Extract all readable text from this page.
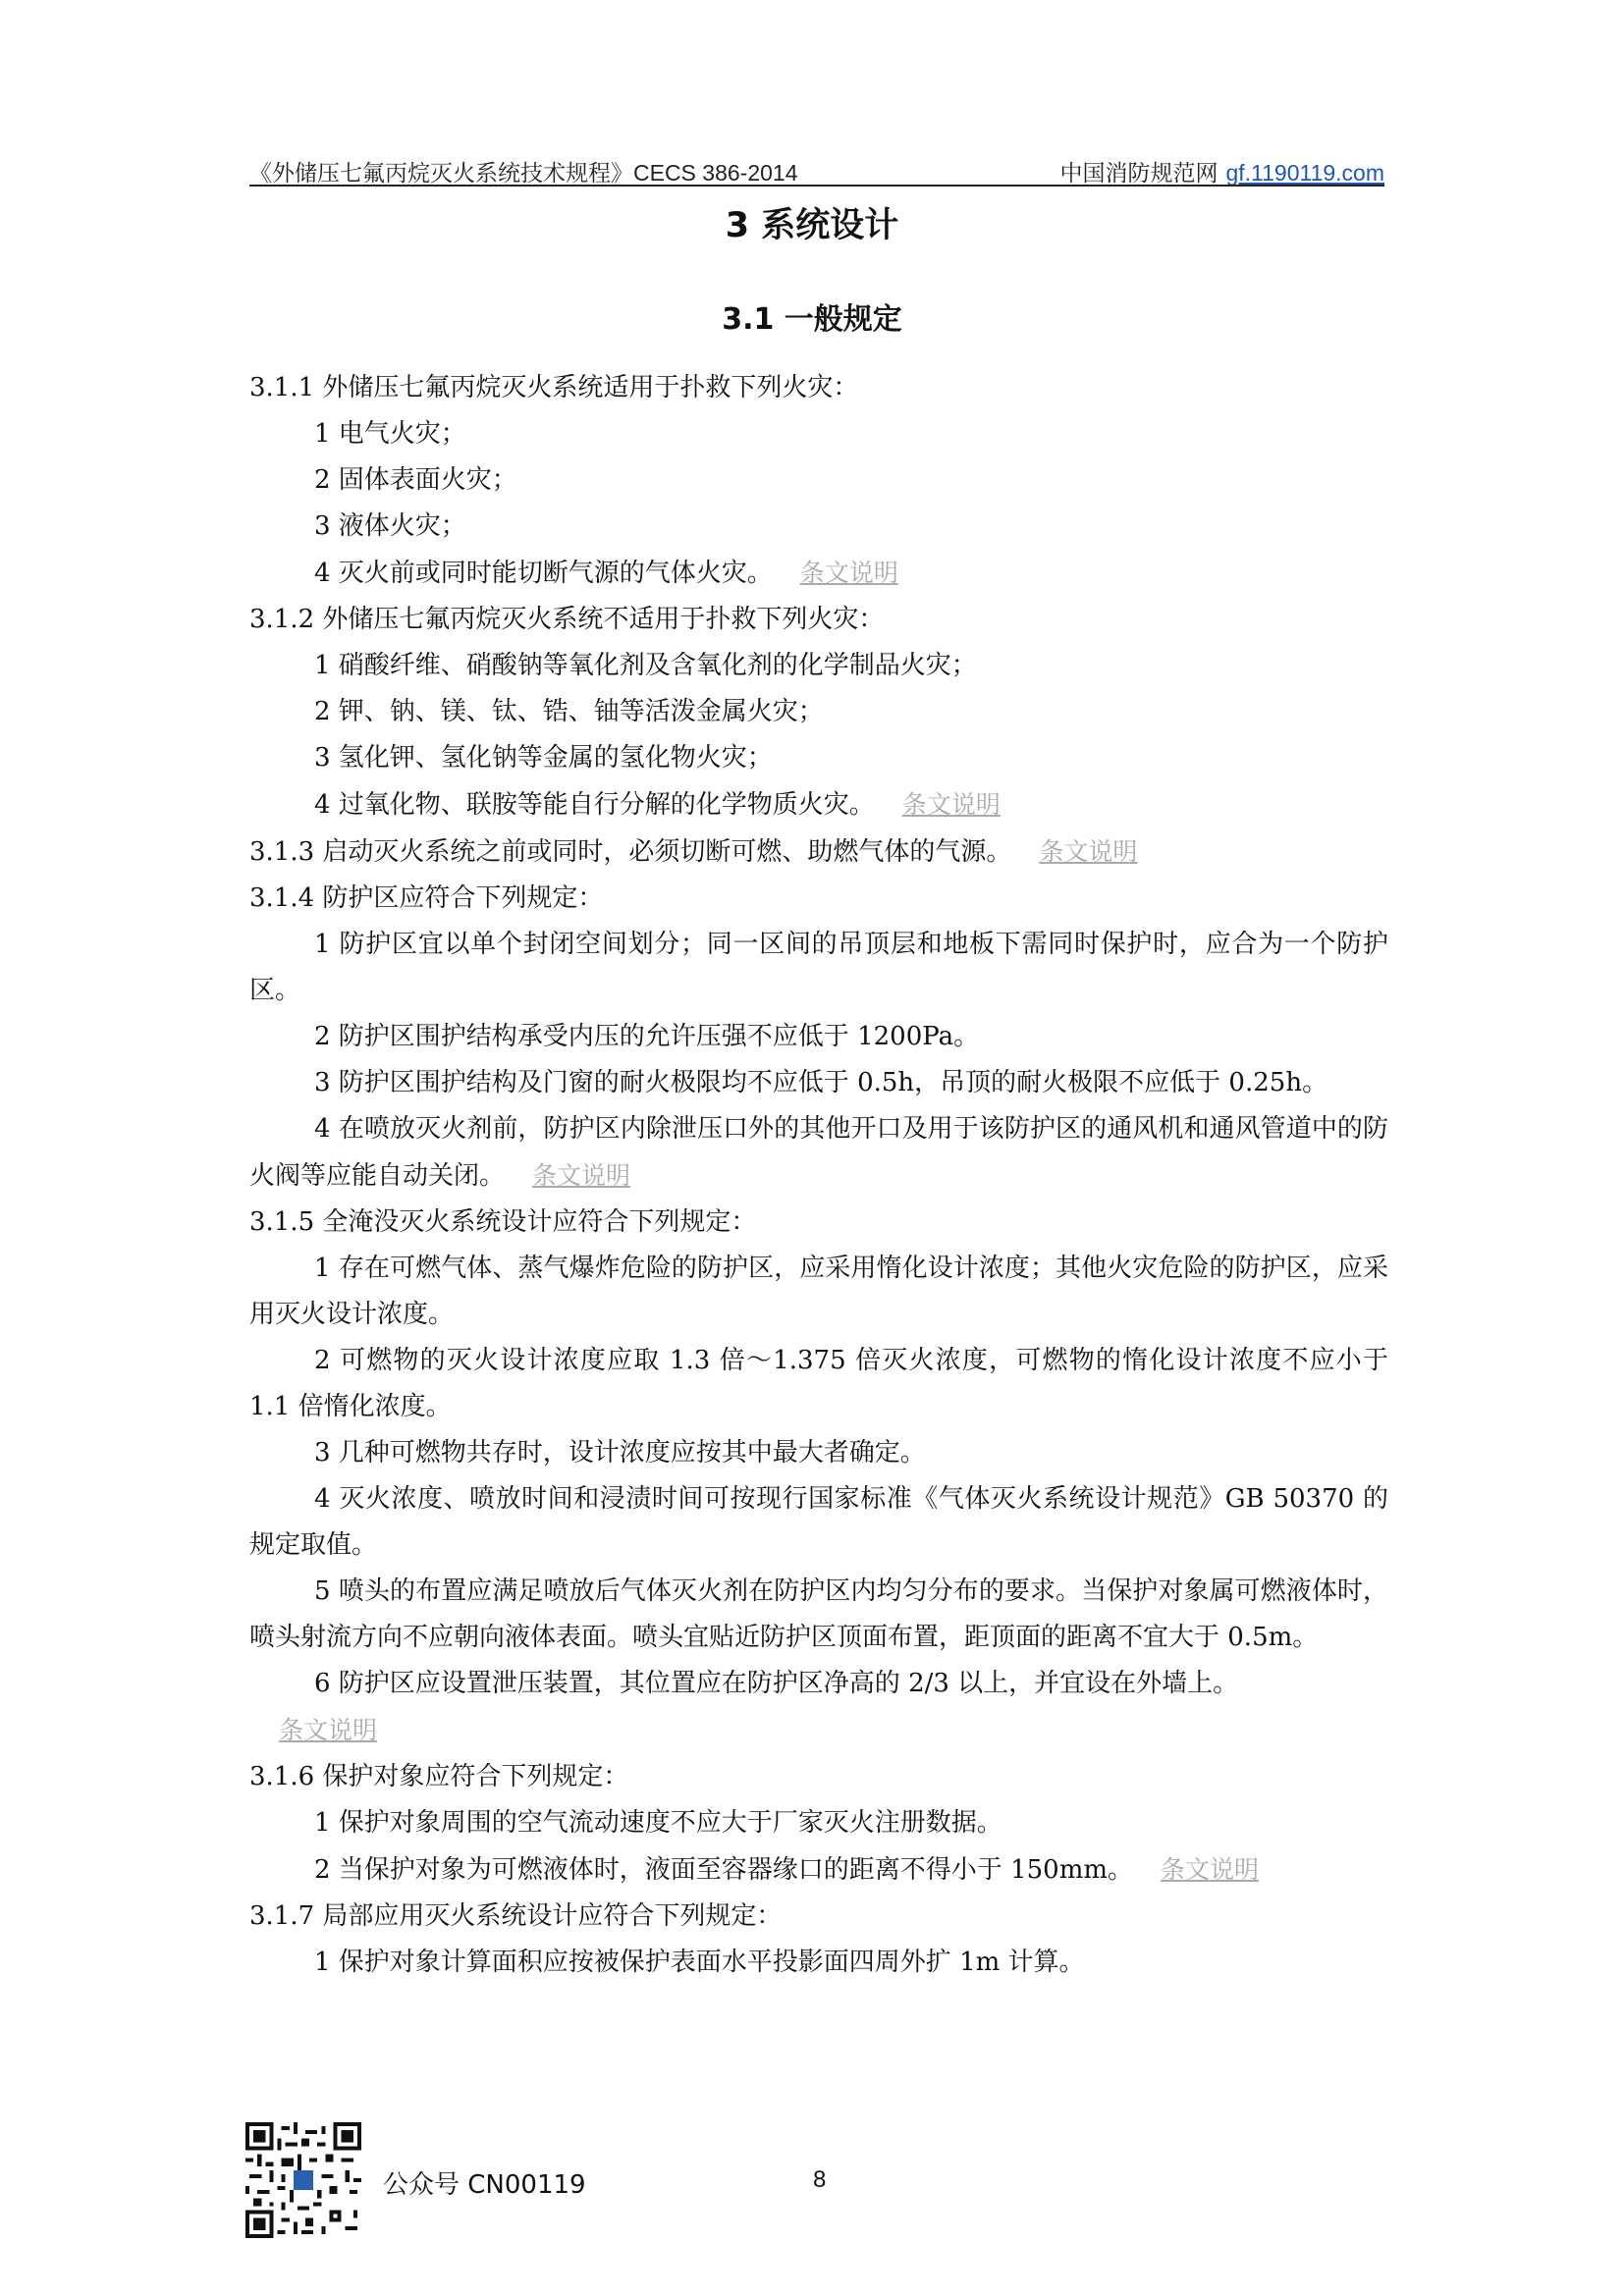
《外储压七氟丙烷灭火系统技术规程》CECS 386-2014	中国消防规范网 gf.1190119.com
3 系统设计
3.1 一般规定

3.1.1 外储压七氟丙烷灭火系统适用于扑救下列火灾：

1 电气火灾；

2 固体表面火灾；

3 液体火灾；

4 灭火前或同时能切断气源的气体火灾。 条文说明

3.1.2 外储压七氟丙烷灭火系统不适用于扑救下列火灾：

1 硝酸纤维、硝酸钠等氧化剂及含氧化剂的化学制品火灾；

2 钾、钠、镁、钛、锆、铀等活泼金属火灾；

3 氢化钾、氢化钠等金属的氢化物火灾；

4 过氧化物、联胺等能自行分解的化学物质火灾。 条文说明

3.1.3 启动灭火系统之前或同时，必须切断可燃、助燃气体的气源。 条文说明

3.1.4 防护区应符合下列规定：

1 防护区宜以单个封闭空间划分；同一区间的吊顶层和地板下需同时保护时，应合为一个防护区。

2 防护区围护结构承受内压的允许压强不应低于 1200Pa。

3 防护区围护结构及门窗的耐火极限均不应低于 0.5h，吊顶的耐火极限不应低于 0.25h。

4 在喷放灭火剂前，防护区内除泄压口外的其他开口及用于该防护区的通风机和通风管道中的防火阀等应能自动关闭。 条文说明

3.1.5 全淹没灭火系统设计应符合下列规定：

1 存在可燃气体、蒸气爆炸危险的防护区，应采用惰化设计浓度；其他火灾危险的防护区，应采用灭火设计浓度。

2 可燃物的灭火设计浓度应取 1.3 倍～1.375 倍灭火浓度，可燃物的惰化设计浓度不应小于 1.1 倍惰化浓度。

3 几种可燃物共存时，设计浓度应按其中最大者确定。

4 灭火浓度、喷放时间和浸渍时间可按现行国家标准《气体灭火系统设计规范》GB 50370 的规定取值。

5 喷头的布置应满足喷放后气体灭火剂在防护区内均匀分布的要求。当保护对象属可燃液体时，喷头射流方向不应朝向液体表面。喷头宜贴近防护区顶面布置，距顶面的距离不宜大于 0.5m。

6 防护区应设置泄压装置，其位置应在防护区净高的 2/3 以上，并宜设在外墙上。

条文说明

3.1.6 保护对象应符合下列规定：

1 保护对象周围的空气流动速度不应大于厂家灭火注册数据。

2 当保护对象为可燃液体时，液面至容器缘口的距离不得小于 150mm。 条文说明

3.1.7 局部应用灭火系统设计应符合下列规定：

1 保护对象计算面积应按被保护表面水平投影面四周外扩 1m 计算。

公众号 CN00119	8
